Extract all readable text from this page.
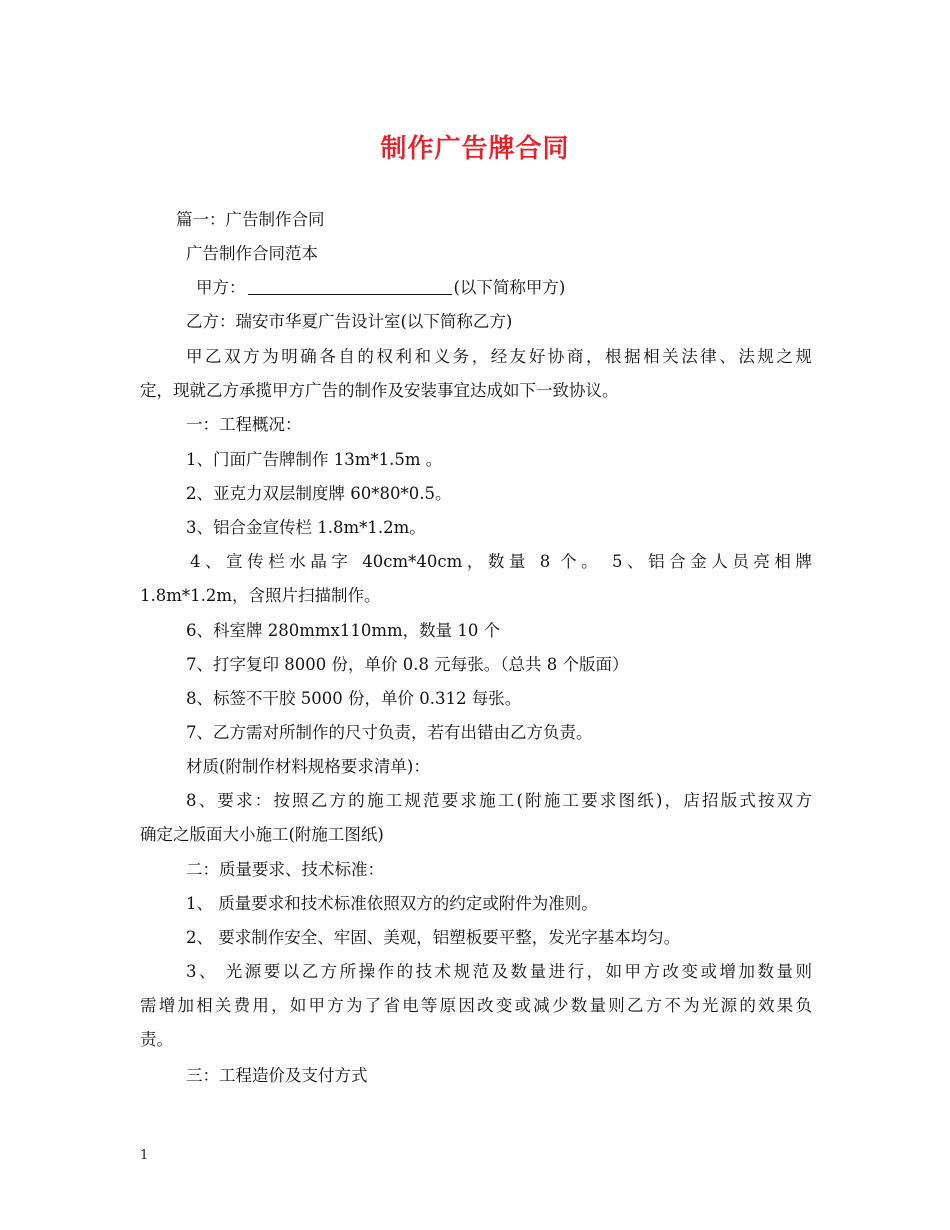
制作广告牌合同
篇一：广告制作合同
广告制作合同范本
甲方：	(以下简称甲方)
乙方：瑞安市华夏广告设计室(以下简称乙方)
甲乙双方为明确各自的权利和义务，经友好协商，根据相关法律、法规之规
定，现就乙方承揽甲方广告的制作及安装事宜达成如下一致协议。
一：工程概况：
1、门面广告牌制作 13m*1.5m 。
2、亚克力双层制度牌 60*80*0.5。
3、铝合金宣传栏 1.8m*1.2m。
4、宣传栏水晶字 40cm*40cm，数量 8 个。 5、铝合金人员亮相牌
1.8m*1.2m，含照片扫描制作。
6、科室牌 280mmx110mm，数量 10 个
7、打字复印 8000 份，单价 0.8 元每张。（总共 8 个版面）
8、标签不干胶 5000 份，单价 0.312 每张。
7、乙方需对所制作的尺寸负责，若有出错由乙方负责。
材质(附制作材料规格要求清单)：
8、要求：按照乙方的施工规范要求施工(附施工要求图纸)，店招版式按双方
确定之版面大小施工(附施工图纸)
二：质量要求、技术标准：
1、 质量要求和技术标准依照双方的约定或附件为准则。
2、 要求制作安全、牢固、美观，铝塑板要平整，发光字基本均匀。
3、 光源要以乙方所操作的技术规范及数量进行，如甲方改变或增加数量则
需增加相关费用，如甲方为了省电等原因改变或减少数量则乙方不为光源的效果负
责。
三：工程造价及支付方式
1
